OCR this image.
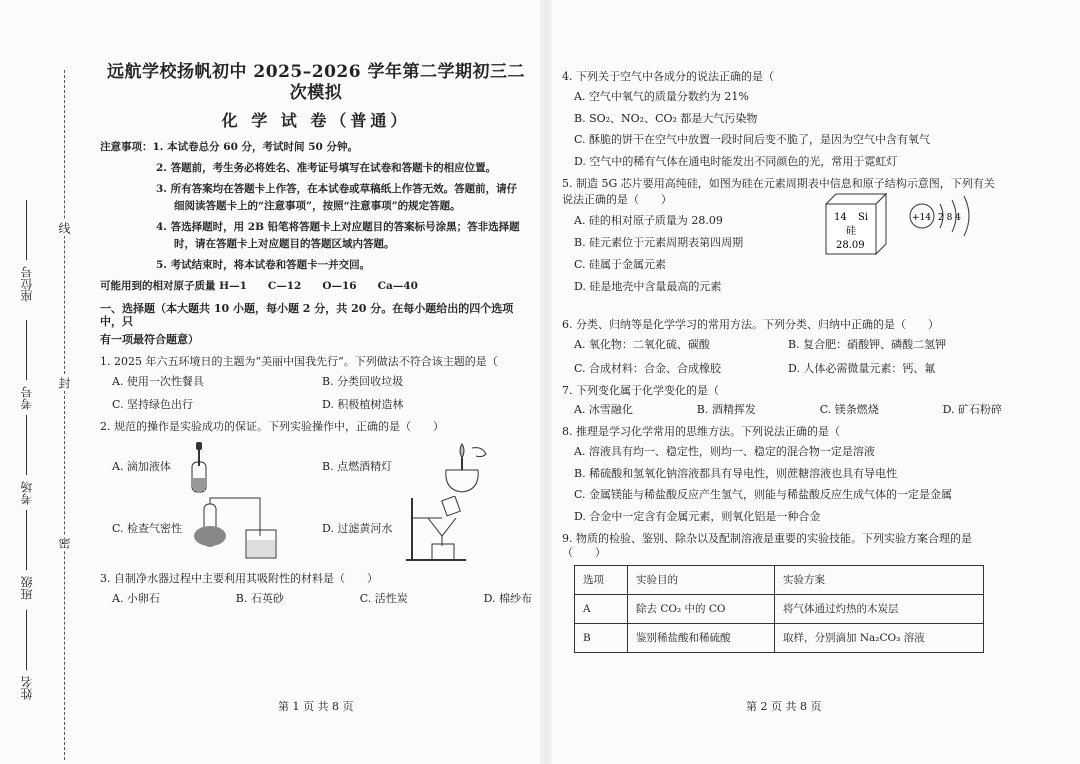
线
封
密
座位号
考号
考场
班级
姓名
远航学校扬帆初中 2025–2026 学年第二学期初三二次模拟
化 学 试 卷（普通）
注意事项： 1. 本试卷总分 60 分，考试时间 50 分钟。
2. 答题前，考生务必将姓名、准考证号填写在试卷和答题卡的相应位置。
3. 所有答案均在答题卡上作答，在本试卷或草稿纸上作答无效。答题前，请仔
细阅读答题卡上的“注意事项”，按照“注意事项”的规定答题。
4. 答选择题时，用 2B 铅笔将答题卡上对应题目的答案标号涂黑；答非选择题
时，请在答题卡上对应题目的答题区域内答题。
5. 考试结束时，将本试卷和答题卡一并交回。
可能用到的相对原子质量 H—1　　C—12　　O—16　　Ca—40
一、选择题（本大题共 10 小题，每小题 2 分，共 20 分。在每小题给出的四个选项中，只
有一项最符合题意）
1. 2025 年六五环境日的主题为“美丽中国我先行”。下列做法不符合该主题的是（
A. 使用一次性餐具	B. 分类回收垃圾
C. 坚持绿色出行	D. 积极植树造林
2. 规范的操作是实验成功的保证。下列实验操作中，正确的是（　　）
A. 滴加液体	B. 点燃酒精灯
C. 检查气密性	D. 过滤黄河水
3. 自制净水器过程中主要利用其吸附性的材料是（　　）
A. 小卵石	B. 石英砂	C. 活性炭	D. 棉纱布
第 1 页 共 8 页
4. 下列关于空气中各成分的说法正确的是（
A. 空气中氧气的质量分数约为 21%
B. SO₂、NO₂、CO₂ 都是大气污染物
C. 酥脆的饼干在空气中放置一段时间后变不脆了，是因为空气中含有氧气
D. 空气中的稀有气体在通电时能发出不同颜色的光，常用于霓虹灯
5. 制造 5G 芯片要用高纯硅，如图为硅在元素周期表中信息和原子结构示意图，下列有关
说法正确的是（　　）
A. 硅的相对原子质量为 28.09
B. 硅元素位于元素周期表第四周期
C. 硅属于金属元素
D. 硅是地壳中含量最高的元素
14 Si
硅
28.09
+14 2 8 4
6. 分类、归纳等是化学学习的常用方法。下列分类、归纳中正确的是（　　）
A. 氧化物：二氧化硫、碳酸	B. 复合肥：硝酸钾、磷酸二氢钾
C. 合成材料：合金、合成橡胶	D. 人体必需微量元素：钙、氟
7. 下列变化属于化学变化的是（
A. 冰雪融化	B. 酒精挥发	C. 镁条燃烧	D. 矿石粉碎
8. 推理是学习化学常用的思维方法。下列说法正确的是（
A. 溶液具有均一、稳定性，则均一、稳定的混合物一定是溶液
B. 稀硫酸和氢氧化钠溶液都具有导电性，则蔗糖溶液也具有导电性
C. 金属镁能与稀盐酸反应产生氢气，则能与稀盐酸反应生成气体的一定是金属
D. 合金中一定含有金属元素，则氧化铝是一种合金
9. 物质的检验、鉴别、除杂以及配制溶液是重要的实验技能。下列实验方案合理的是（　　）
选项	实验目的	实验方案
A	除去 CO₂ 中的 CO	将气体通过灼热的木炭层
B	鉴别稀盐酸和稀硫酸	取样，分别滴加 Na₂CO₃ 溶液
第 2 页 共 8 页
